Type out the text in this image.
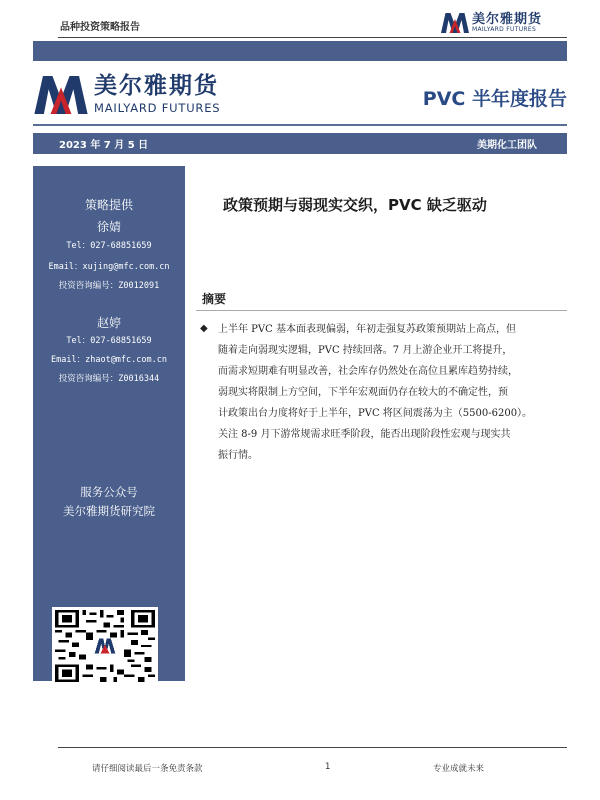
品种投资策略报告
美尔雅期货
MAILYARD FUTURES
美尔雅期货
MAILYARD FUTURES	PVC 半年度报告
2023 年 7 月 5 日	美期化工团队
策略提供
徐婧
Tel：027-68851659
Email：xujing@mfc.com.cn
投资咨询编号：Z0012091
赵婷
Tel：027-68851659
Email：zhaot@mfc.com.cn
投资咨询编号：Z0016344
服务公众号
美尔雅期货研究院
政策预期与弱现实交织，PVC 缺乏驱动
摘要
◆ 上半年 PVC 基本面表现偏弱，年初走强复苏政策预期站上高点，但
随着走向弱现实逻辑，PVC 持续回落。7 月上游企业开工将提升，
而需求短期难有明显改善，社会库存仍然处在高位且累库趋势持续，
弱现实将限制上方空间，下半年宏观面仍存在较大的不确定性，预
计政策出台力度将好于上半年，PVC 将区间震荡为主（5500-6200）。
关注 8-9 月下游常规需求旺季阶段，能否出现阶段性宏观与现实共
振行情。
请仔细阅读最后一条免责条款	1	专业成就未来
